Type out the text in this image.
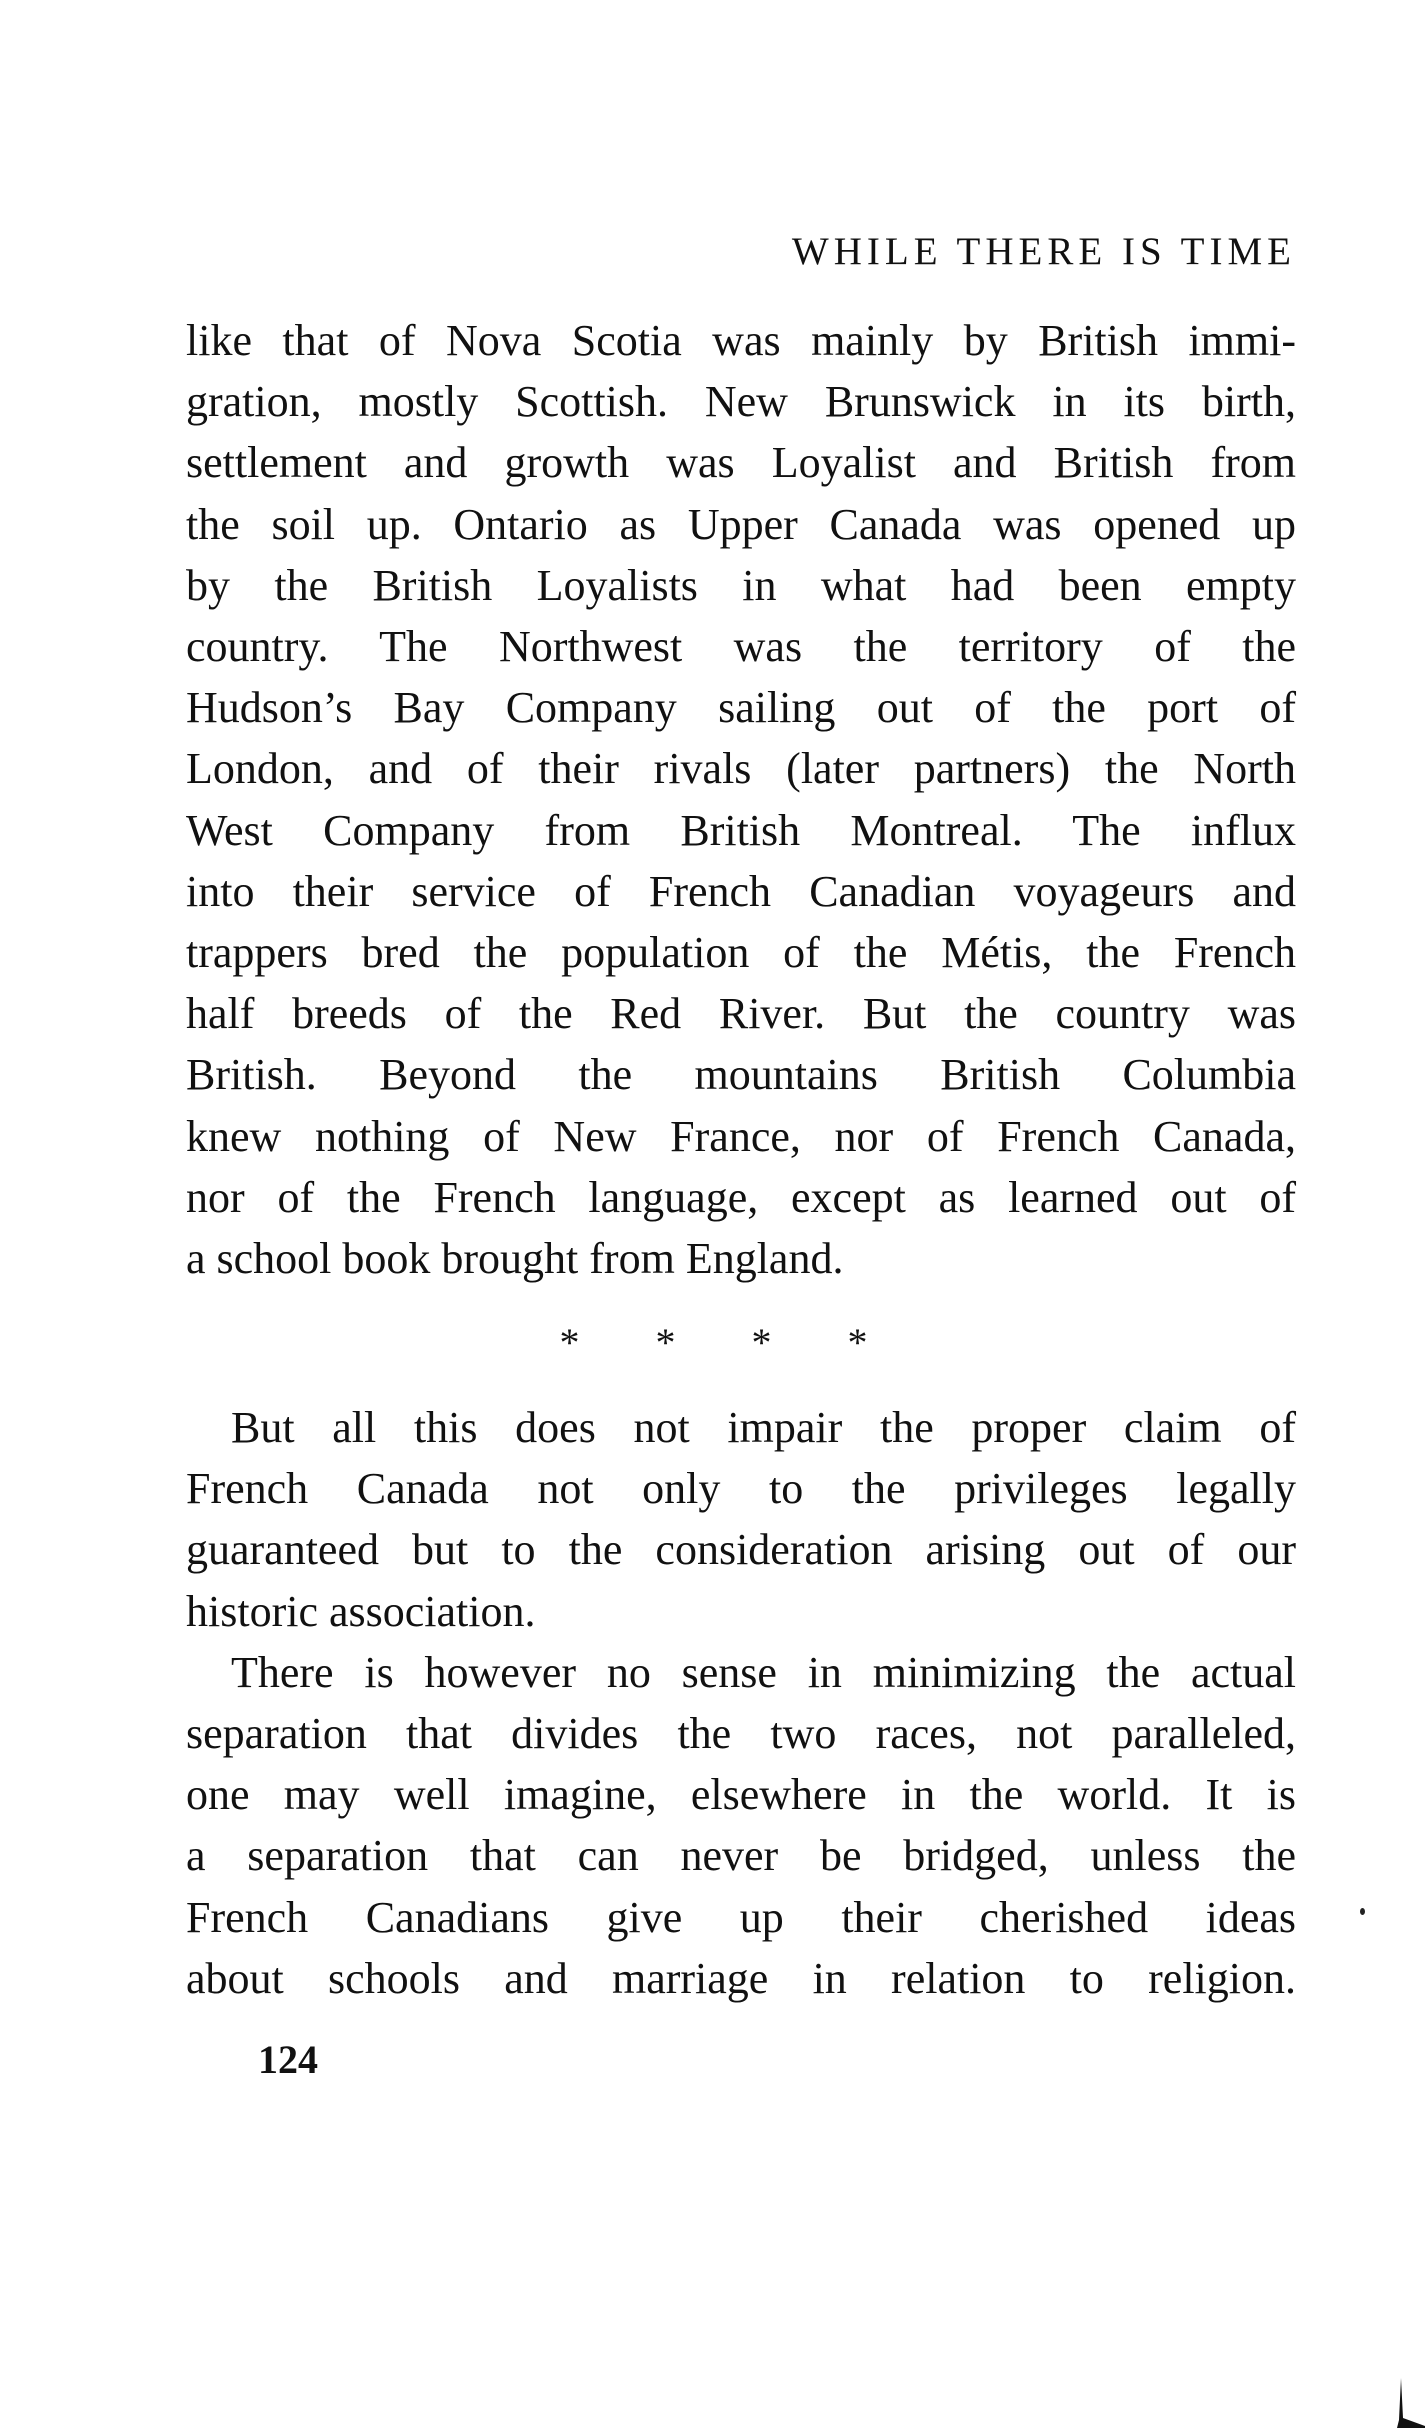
WHILE THERE IS TIME
like that of Nova Scotia was mainly by British immi-
gration, mostly Scottish. New Brunswick in its birth,
settlement and growth was Loyalist and British from
the soil up. Ontario as Upper Canada was opened up
by the British Loyalists in what had been empty
country. The Northwest was the territory of the
Hudson’s Bay Company sailing out of the port of
London, and of their rivals (later partners) the North
West Company from British Montreal. The influx
into their service of French Canadian voyageurs and
trappers bred the population of the Métis, the French
half breeds of the Red River. But the country was
British. Beyond the mountains British Columbia
knew nothing of New France, nor of French Canada,
nor of the French language, except as learned out of
a school book brought from England.
* * * *
But all this does not impair the proper claim of
French Canada not only to the privileges legally
guaranteed but to the consideration arising out of our
historic association.
There is however no sense in minimizing the actual
separation that divides the two races, not paralleled,
one may well imagine, elsewhere in the world. It is
a separation that can never be bridged, unless the
French Canadians give up their cherished ideas
about schools and marriage in relation to religion.
124
